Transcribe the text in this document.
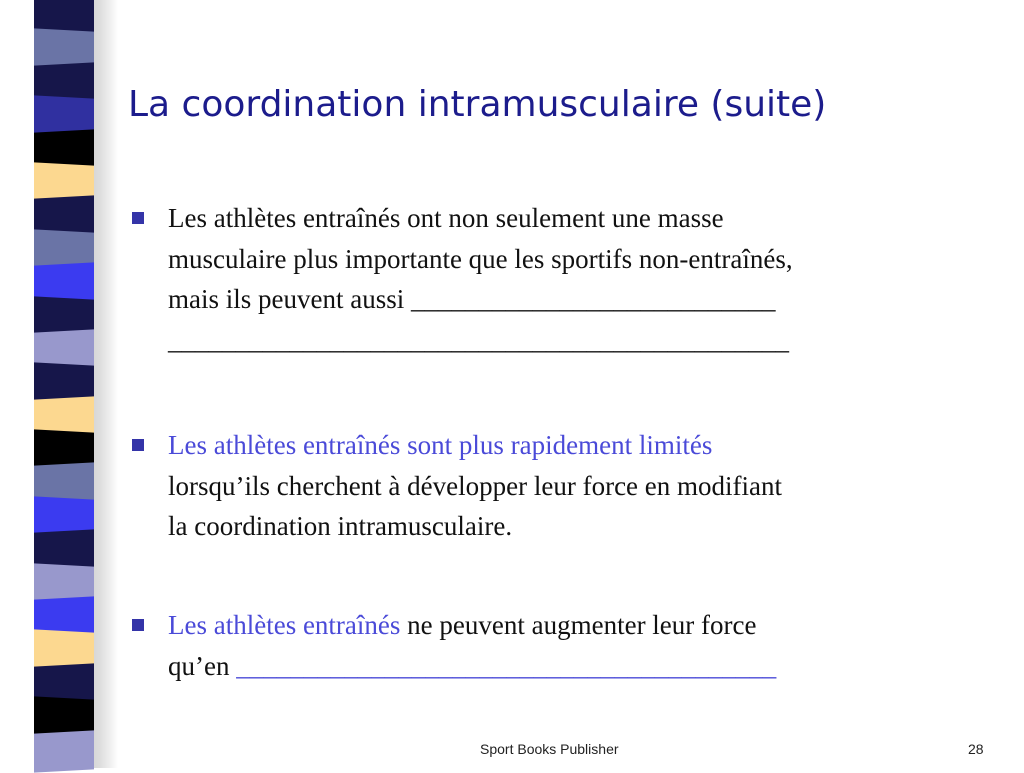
La coordination intramusculaire (suite)
Les athlètes entraînés ont non seulement une masse
musculaire plus importante que les sportifs non-entraînés,
mais ils peuvent aussi ___________________________
______________________________________________
Les athlètes entraînés sont plus rapidement limités
lorsqu’ils cherchent à développer leur force en modifiant
la coordination intramusculaire.
Les athlètes entraînés ne peuvent augmenter leur force
qu’en ________________________________________
Sport Books Publisher	28
